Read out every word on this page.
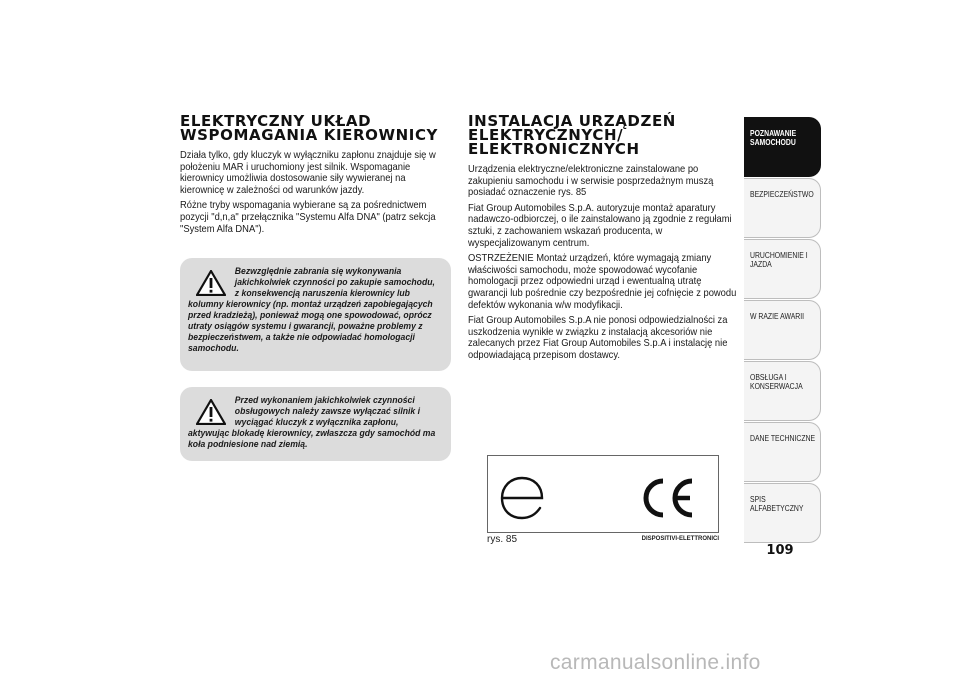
ELEKTRYCZNY UKŁAD
WSPOMAGANIA KIEROWNICY

Działa tylko, gdy kluczyk w wyłączniku zapłonu znajduje się w położeniu MAR i uruchomiony jest silnik. Wspomaganie kierownicy umożliwia dostosowanie siły wywieranej na kierownicę w zależności od warunków jazdy.

Różne tryby wspomagania wybierane są za pośrednictwem pozycji "d,n,a" przełącznika "Systemu Alfa DNA" (patrz sekcja "System Alfa DNA").

Bezwzględnie zabrania się wykonywania jakichkolwiek czynności po zakupie samochodu, z konsekwencją naruszenia kierownicy lub kolumny kierownicy (np. montaż urządzeń zapobiegających przed kradzieżą), ponieważ mogą one spowodować, oprócz utraty osiągów systemu i gwarancji, poważne problemy z bezpieczeństwem, a także nie odpowiadać homologacji samochodu.

Przed wykonaniem jakichkolwiek czynności obsługowych należy zawsze wyłączać silnik i wyciągać kluczyk z wyłącznika zapłonu, aktywując blokadę kierownicy, zwłaszcza gdy samochód ma koła podniesione nad ziemią.

INSTALACJA URZĄDZEŃ
ELEKTRYCZNYCH/
ELEKTRONICZNYCH

Urządzenia elektryczne/elektroniczne zainstalowane po zakupieniu samochodu i w serwisie posprzedażnym muszą posiadać oznaczenie rys. 85

Fiat Group Automobiles S.p.A. autoryzuje montaż aparatury nadawczo-odbiorczej, o ile zainstalowano ją zgodnie z regułami sztuki, z zachowaniem wskazań producenta, w wyspecjalizowanym centrum.

OSTRZEŻENIE Montaż urządzeń, które wymagają zmiany właściwości samochodu, może spowodować wycofanie homologacji przez odpowiedni urząd i ewentualną utratę gwarancji lub pośrednie czy bezpośrednie jej cofnięcie z powodu defektów wykonania w/w modyfikacji.

Fiat Group Automobiles S.p.A nie ponosi odpowiedzialności za uszkodzenia wynikłe w związku z instalacją akcesoriów nie zalecanych przez Fiat Group Automobiles S.p.A i instalację nie odpowiadającą przepisom dostawcy.

rys. 85	DISPOSITIVI-ELETTRONICI
POZNAWANIE SAMOCHODU
BEZPIECZEŃSTWO
URUCHOMIENIE I JAZDA
W RAZIE AWARII
OBSŁUGA I KONSERWACJA
DANE TECHNICZNE
SPIS ALFABETYCZNY
109
carmanualsonline.info
